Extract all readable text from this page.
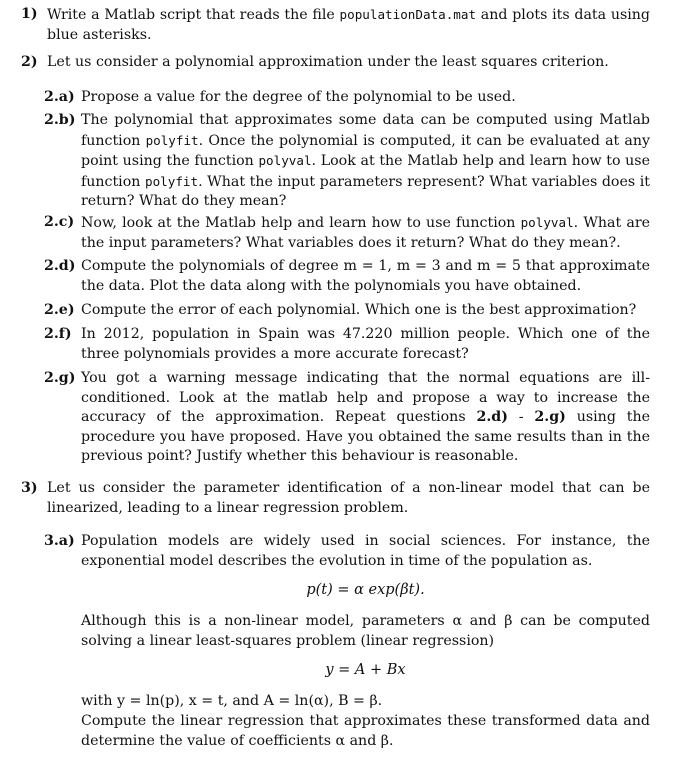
1) Write a Matlab script that reads the file populationData.mat and plots its data using blue asterisks.
2) Let us consider a polynomial approximation under the least squares criterion.
2.a) Propose a value for the degree of the polynomial to be used.
2.b) The polynomial that approximates some data can be computed using Matlab function polyfit. Once the polynomial is computed, it can be evaluated at any point using the function polyval. Look at the Matlab help and learn how to use function polyfit. What the input parameters represent? What variables does it return? What do they mean?
2.c) Now, look at the Matlab help and learn how to use function polyval. What are the input parameters? What variables does it return? What do they mean?.
2.d) Compute the polynomials of degree m = 1, m = 3 and m = 5 that approximate the data. Plot the data along with the polynomials you have obtained.
2.e) Compute the error of each polynomial. Which one is the best approximation?
2.f) In 2012, population in Spain was 47.220 million people. Which one of the three polynomials provides a more accurate forecast?
2.g) You got a warning message indicating that the normal equations are ill-conditioned. Look at the matlab help and propose a way to increase the accuracy of the approximation. Repeat questions 2.d) - 2.g) using the procedure you have proposed. Have you obtained the same results than in the previous point? Justify whether this behaviour is reasonable.
3) Let us consider the parameter identification of a non-linear model that can be linearized, leading to a linear regression problem.
3.a) Population models are widely used in social sciences. For instance, the exponential model describes the evolution in time of the population as.
p(t) = α exp(βt).
Although this is a non-linear model, parameters α and β can be computed solving a linear least-squares problem (linear regression)
y = A + Bx
with y = ln(p), x = t, and A = ln(α), B = β.
Compute the linear regression that approximates these transformed data and determine the value of coefficients α and β.
